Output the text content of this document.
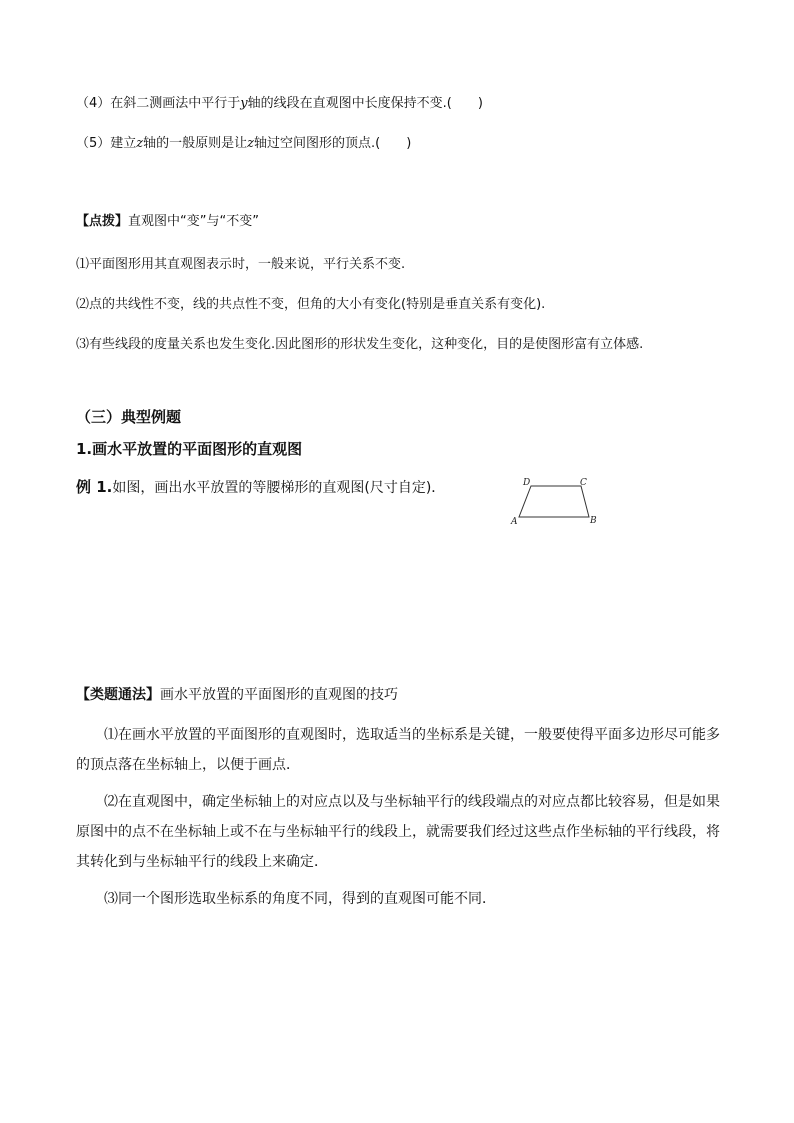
（4）在斜二测画法中平行于y轴的线段在直观图中长度保持不变.(　　)
（5）建立z轴的一般原则是让z轴过空间图形的顶点.(　　)
【点拨】直观图中“变”与“不变”
⑴平面图形用其直观图表示时，一般来说，平行关系不变.
⑵点的共线性不变，线的共点性不变，但角的大小有变化(特别是垂直关系有变化).
⑶有些线段的度量关系也发生变化.因此图形的形状发生变化，这种变化，目的是使图形富有立体感.
（三）典型例题
1.画水平放置的平面图形的直观图
例 1.如图，画出水平放置的等腰梯形的直观图(尺寸自定)．	D	C
A	B
【类题通法】画水平放置的平面图形的直观图的技巧
⑴在画水平放置的平面图形的直观图时，选取适当的坐标系是关键，一般要使得平面多边形尽可能多
的顶点落在坐标轴上，以便于画点．
⑵在直观图中，确定坐标轴上的对应点以及与坐标轴平行的线段端点的对应点都比较容易，但是如果
原图中的点不在坐标轴上或不在与坐标轴平行的线段上，就需要我们经过这些点作坐标轴的平行线段，将
其转化到与坐标轴平行的线段上来确定．
⑶同一个图形选取坐标系的角度不同，得到的直观图可能不同．
